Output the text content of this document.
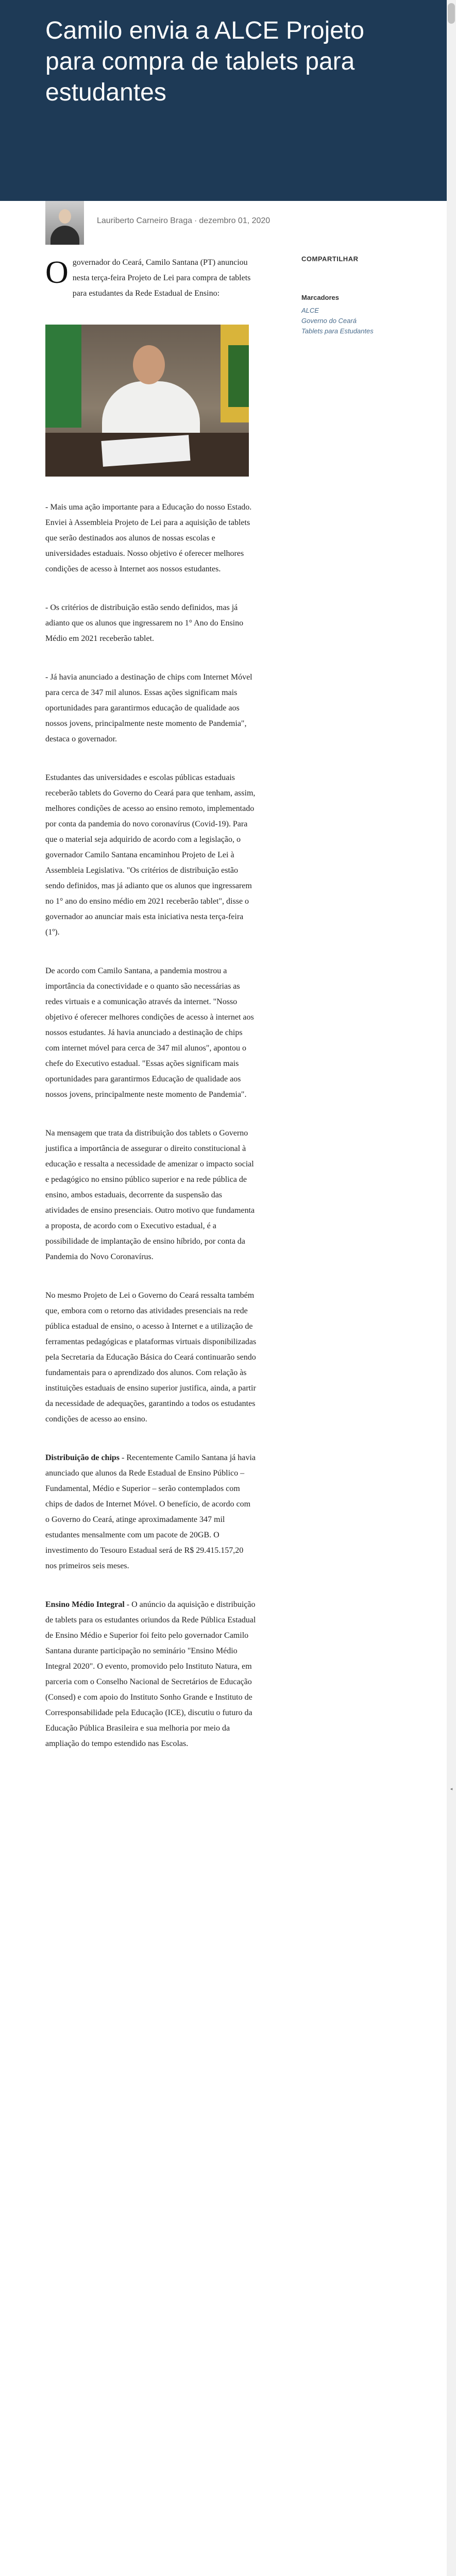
Camilo envia a ALCE Projeto para compra de tablets para estudantes
◂
Lauriberto Carneiro Braga · dezembro 01, 2020

Ogovernador do Ceará, Camilo Santana (PT) anunciou nesta terça-feira Projeto de Lei para compra de tablets para estudantes da Rede Estadual de Ensino:

- Mais uma ação importante para a Educação do nosso Estado. Enviei à Assembleia Projeto de Lei para a aquisição de tablets que serão destinados aos alunos de nossas escolas e universidades estaduais. Nosso objetivo é oferecer melhores condições de acesso à Internet aos nossos estudantes.

- Os critérios de distribuição estão sendo definidos, mas já adianto que os alunos que ingressarem no 1° Ano do Ensino Médio em 2021 receberão tablet.

- Já havia anunciado a destinação de chips com Internet Móvel para cerca de 347 mil alunos. Essas ações significam mais oportunidades para garantirmos educação de qualidade aos nossos jovens, principalmente neste momento de Pandemia", destaca o governador.

Estudantes das universidades e escolas públicas estaduais receberão tablets do Governo do Ceará para que tenham, assim, melhores condições de acesso ao ensino remoto, implementado por conta da pandemia do novo coronavírus (Covid-19). Para que o material seja adquirido de acordo com a legislação, o governador Camilo Santana encaminhou Projeto de Lei à Assembleia Legislativa. "Os critérios de distribuição estão sendo definidos, mas já adianto que os alunos que ingressarem no 1° ano do ensino médio em 2021 receberão tablet", disse o governador ao anunciar mais esta iniciativa nesta terça-feira (1º).

De acordo com Camilo Santana, a pandemia mostrou a importância da conectividade e o quanto são necessárias as redes virtuais e a comunicação através da internet. "Nosso objetivo é oferecer melhores condições de acesso à internet aos nossos estudantes. Já havia anunciado a destinação de chips com internet móvel para cerca de 347 mil alunos", apontou o chefe do Executivo estadual. "Essas ações significam mais oportunidades para garantirmos Educação de qualidade aos nossos jovens, principalmente neste momento de Pandemia".

Na mensagem que trata da distribuição dos tablets o Governo justifica a importância de assegurar o direito constitucional à educação e ressalta a necessidade de amenizar o impacto social e pedagógico no ensino público superior e na rede pública de ensino, ambos estaduais, decorrente da suspensão das atividades de ensino presenciais. Outro motivo que fundamenta a proposta, de acordo com o Executivo estadual, é a possibilidade de implantação de ensino híbrido, por conta da Pandemia do Novo Coronavírus.

No mesmo Projeto de Lei o Governo do Ceará ressalta também que, embora com o retorno das atividades presenciais na rede pública estadual de ensino, o acesso à Internet e a utilização de ferramentas pedagógicas e plataformas virtuais disponibilizadas pela Secretaria da Educação Básica do Ceará continuarão sendo fundamentais para o aprendizado dos alunos. Com relação às instituições estaduais de ensino superior justifica, ainda, a partir da necessidade de adequações, garantindo a todos os estudantes condições de acesso ao ensino.

Distribuição de chips - Recentemente Camilo Santana já havia anunciado que alunos da Rede Estadual de Ensino Público – Fundamental, Médio e Superior – serão contemplados com chips de dados de Internet Móvel. O benefício, de acordo com o Governo do Ceará, atinge aproximadamente 347 mil estudantes mensalmente com um pacote de 20GB. O investimento do Tesouro Estadual será de R$ 29.415.157,20 nos primeiros seis meses.

Ensino Médio Integral - O anúncio da aquisição e distribuição de tablets para os estudantes oriundos da Rede Pública Estadual de Ensino Médio e Superior foi feito pelo governador Camilo Santana durante participação no seminário "Ensino Médio Integral 2020". O evento, promovido pelo Instituto Natura, em parceria com o Conselho Nacional de Secretários de Educação (Consed) e com apoio do Instituto Sonho Grande e Instituto de Corresponsabilidade pela Educação (ICE), discutiu o futuro da Educação Pública Brasileira e sua melhoria por meio da ampliação do tempo estendido nas Escolas.

COMPARTILHAR

Marcadores

ALCE
Governo do Ceará
Tablets para Estudantes
